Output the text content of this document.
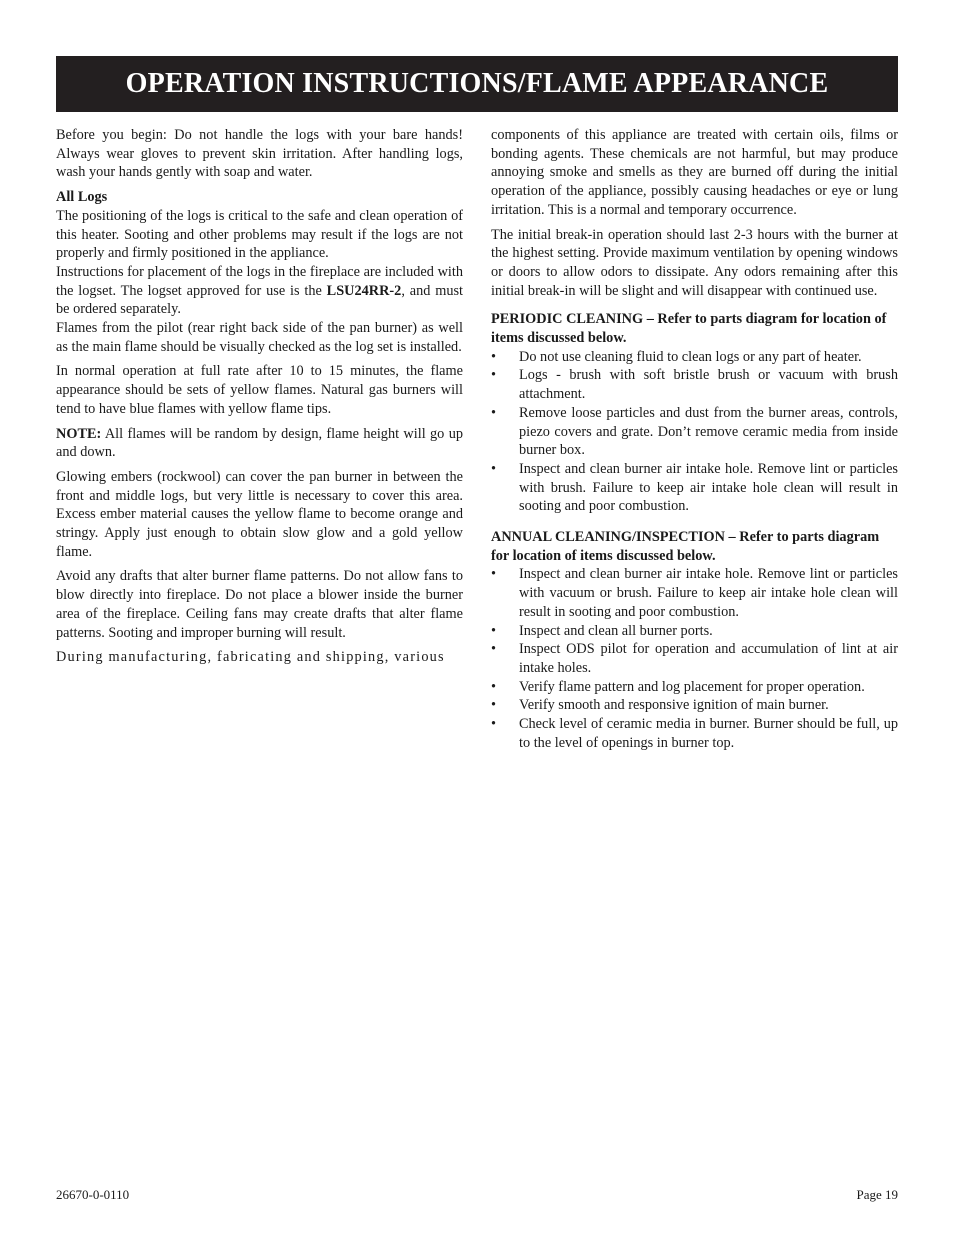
OPERATION INSTRUCTIONS/FLAME APPEARANCE

Before you begin: Do not handle the logs with your bare hands! Always wear gloves to prevent skin irritation. After handling logs, wash your hands gently with soap and water.

All Logs

The positioning of the logs is critical to the safe and clean operation of this heater. Sooting and other problems may result if the logs are not properly and firmly positioned in the appliance.

Instructions for placement of the logs in the fireplace are included with the logset. The logset approved for use is the LSU24RR-2, and must be ordered separately.

Flames from the pilot (rear right back side of the pan burner) as well as the main flame should be visually checked as the log set is installed.

In normal operation at full rate after 10 to 15 minutes, the flame appearance should be sets of yellow flames. Natural gas burners will tend to have blue flames with yellow flame tips.

NOTE: All flames will be random by design, flame height will go up and down.

Glowing embers (rockwool) can cover the pan burner in between the front and middle logs, but very little is necessary to cover this area. Excess ember material causes the yellow flame to become orange and stringy. Apply just enough to obtain slow glow and a gold yellow flame.

Avoid any drafts that alter burner flame patterns. Do not allow fans to blow directly into fireplace. Do not place a blower inside the burner area of the fireplace. Ceiling fans may create drafts that alter flame patterns. Sooting and improper burning will result.

During manufacturing, fabricating and shipping, various

components of this appliance are treated with certain oils, films or bonding agents. These chemicals are not harmful, but may produce annoying smoke and smells as they are burned off during the initial operation of the appliance, possibly causing headaches or eye or lung irritation. This is a normal and temporary occurrence.

The initial break-in operation should last 2-3 hours with the burner at the highest setting. Provide maximum ventilation by opening windows or doors to allow odors to dissipate. Any odors remaining after this initial break-in will be slight and will disappear with continued use.

PERIODIC CLEANING – Refer to parts diagram for location of items discussed below.

• Do not use cleaning fluid to clean logs or any part of heater.
• Logs - brush with soft bristle brush or vacuum with brush attachment.
• Remove loose particles and dust from the burner areas, controls, piezo covers and grate. Don’t remove ceramic media from inside burner box.
• Inspect and clean burner air intake hole. Remove lint or particles with brush. Failure to keep air intake hole clean will result in sooting and poor combustion.

ANNUAL CLEANING/INSPECTION – Refer to parts diagram for location of items discussed below.

• Inspect and clean burner air intake hole. Remove lint or particles with vacuum or brush. Failure to keep air intake hole clean will result in sooting and poor combustion.
• Inspect and clean all burner ports.
• Inspect ODS pilot for operation and accumulation of lint at air intake holes.
• Verify flame pattern and log placement for proper operation.
• Verify smooth and responsive ignition of main burner.
• Check level of ceramic media in burner. Burner should be full, up to the level of openings in burner top.
26670-0-0110	Page 19
